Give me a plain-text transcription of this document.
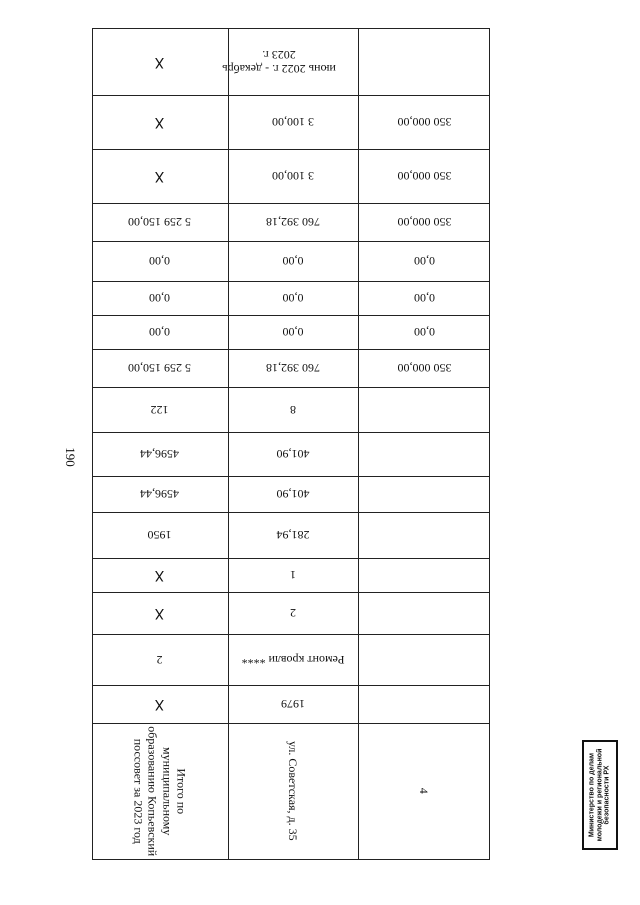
190
4
ул. Советская, д. 35
Итого по муниципальному образованию Копьевский поссовет за 2023 год
1979
Х
Ремонт кровли ****
2
2
Х
1
Х
281,94
1950
401,90
4596,44
401,90
4596,44
8
122
350 000,00
760 392,18
5 259 150,00
0,00
0,00
0,00
0,00
0,00
0,00
0,00
0,00
0,00
350 000,00
760 392,18
5 259 150,00
350 000,00
3 100,00
Х
350 000,00
3 100,00
Х
июнь 2022 г. - декабрь 2023 г.
Х
Министерство по делам молодежи и региональной безопасности РХ
